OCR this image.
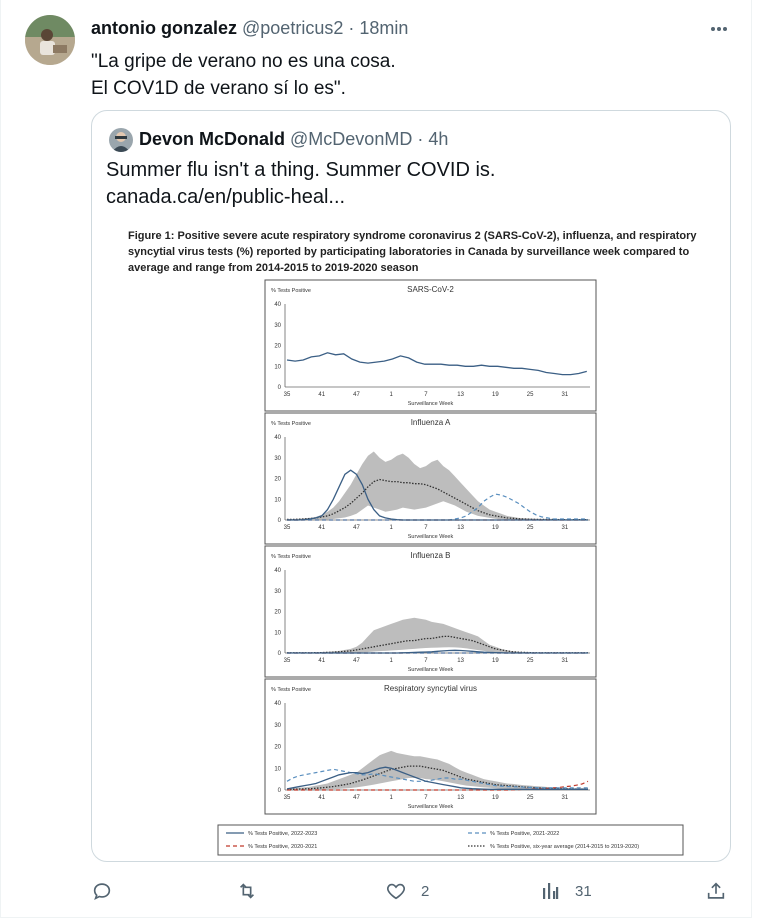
antonio gonzalez @poetricus2 · 18min
"La gripe de verano no es una cosa.
El COV1D de verano sí lo es".
Devon McDonald @McDevonMD · 4h
Summer flu isn't a thing. Summer COVID is.
canada.ca/en/public-heal...
Figure 1: Positive severe acute respiratory syndrome coronavirus 2 (SARS-CoV-2), influenza, and respiratory syncytial virus tests (%) reported by participating laboratories in Canada by surveillance week compared to average and range from 2014-2015 to 2019-2020 season
% Tests Positive	SARS-CoV-2
Surveillance Week
0
10
20
30
40
35	41	47	1	7	13	19	25	31
% Tests Positive	Influenza A
Surveillance Week
0
10
20
30
40
35	41	47	1	7	13	19	25	31
% Tests Positive	Influenza B
Surveillance Week
0
10
20
30
40
35	41	47	1	7	13	19	25	31
% Tests Positive	Respiratory syncytial virus
Surveillance Week
0
10
20
30
40
35	41	47	1	7	13	19	25	31
% Tests Positive, 2022-2023	% Tests Positive, 2021-2022
% Tests Positive, 2020-2021	% Tests Positive, six-year average (2014-2015 to 2019-2020)
2	31
